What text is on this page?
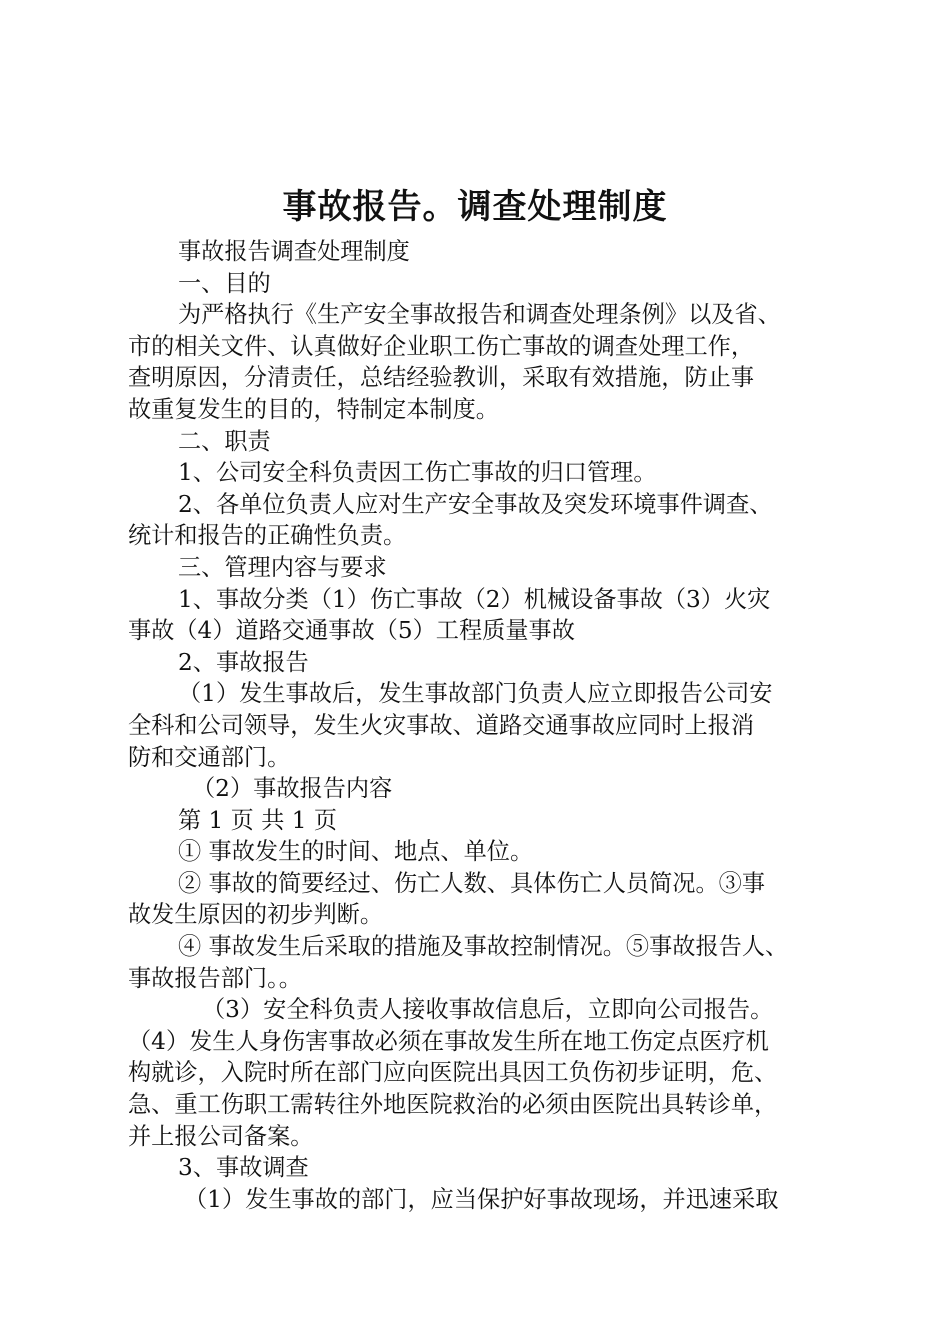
事故报告。调查处理制度

事故报告调查处理制度

一、目的

为严格执行《生产安全事故报告和调查处理条例》以及省、

市的相关文件、认真做好企业职工伤亡事故的调查处理工作，

查明原因，分清责任，总结经验教训，采取有效措施，防止事

故重复发生的目的，特制定本制度。

二、职责

1、公司安全科负责因工伤亡事故的归口管理。

2、各单位负责人应对生产安全事故及突发环境事件调查、

统计和报告的正确性负责。

三、管理内容与要求

1、事故分类（1）伤亡事故（2）机械设备事故（3）火灾

事故（4）道路交通事故（5）工程质量事故

2、事故报告

（1）发生事故后，发生事故部门负责人应立即报告公司安

全科和公司领导，发生火灾事故、道路交通事故应同时上报消

防和交通部门。

（2）事故报告内容

第 1 页 共 1 页

① 事故发生的时间、地点、单位。

② 事故的简要经过、伤亡人数、具体伤亡人员简况。③事

故发生原因的初步判断。

④ 事故发生后采取的措施及事故控制情况。⑤事故报告人、

事故报告部门。。

（3）安全科负责人接收事故信息后，立即向公司报告。

（4）发生人身伤害事故必须在事故发生所在地工伤定点医疗机

构就诊，入院时所在部门应向医院出具因工负伤初步证明，危、

急、重工伤职工需转往外地医院救治的必须由医院出具转诊单，

并上报公司备案。

3、事故调查

（1）发生事故的部门，应当保护好事故现场，并迅速采取
